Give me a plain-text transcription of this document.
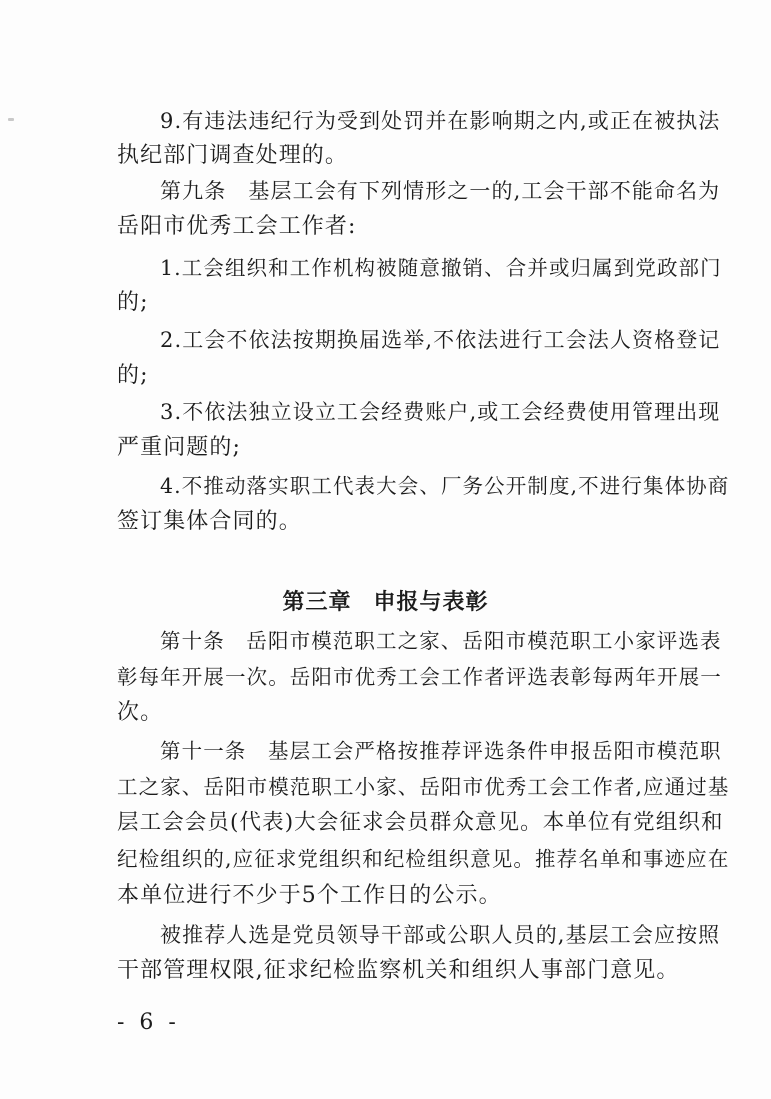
9.有违法违纪行为受到处罚并在影响期之内,或正在被执法
执纪部门调查处理的。
第九条　基层工会有下列情形之一的,工会干部不能命名为
岳阳市优秀工会工作者:
1.工会组织和工作机构被随意撤销、合并或归属到党政部门
的;
2.工会不依法按期换届选举,不依法进行工会法人资格登记
的;
3.不依法独立设立工会经费账户,或工会经费使用管理出现
严重问题的;
4.不推动落实职工代表大会、厂务公开制度,不进行集体协商
签订集体合同的。
第三章 申报与表彰
第十条　岳阳市模范职工之家、岳阳市模范职工小家评选表
彰每年开展一次。岳阳市优秀工会工作者评选表彰每两年开展一
次。
第十一条　基层工会严格按推荐评选条件申报岳阳市模范职
工之家、岳阳市模范职工小家、岳阳市优秀工会工作者,应通过基
层工会会员(代表)大会征求会员群众意见。本单位有党组织和
纪检组织的,应征求党组织和纪检组织意见。推荐名单和事迹应在
本单位进行不少于5个工作日的公示。
被推荐人选是党员领导干部或公职人员的,基层工会应按照
干部管理权限,征求纪检监察机关和组织人事部门意见。
- 6 -
